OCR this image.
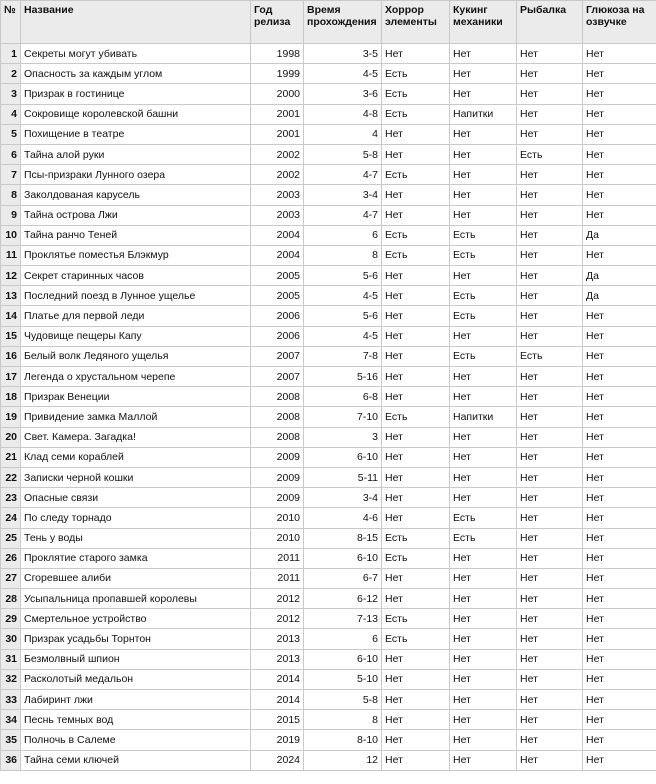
№	Название	Год релиза	Время прохождения	Хоррор элементы	Кукинг механики	Рыбалка	Глюкоза на озвучке
1	Секреты могут убивать	1998	3-5	Нет	Нет	Нет	Нет
2	Опасность за каждым углом	1999	4-5	Есть	Нет	Нет	Нет
3	Призрак в гостинице	2000	3-6	Есть	Нет	Нет	Нет
4	Сокровище королевской башни	2001	4-8	Есть	Напитки	Нет	Нет
5	Похищение в театре	2001	4	Нет	Нет	Нет	Нет
6	Тайна алой руки	2002	5-8	Нет	Нет	Есть	Нет
7	Псы-призраки Лунного озера	2002	4-7	Есть	Нет	Нет	Нет
8	Заколдованая карусель	2003	3-4	Нет	Нет	Нет	Нет
9	Тайна острова Лжи	2003	4-7	Нет	Нет	Нет	Нет
10	Тайна ранчо Теней	2004	6	Есть	Есть	Нет	Да
11	Проклятье поместья Блэкмур	2004	8	Есть	Есть	Нет	Нет
12	Секрет старинных часов	2005	5-6	Нет	Нет	Нет	Да
13	Последний поезд в Лунное ущелье	2005	4-5	Нет	Есть	Нет	Да
14	Платье для первой леди	2006	5-6	Нет	Есть	Нет	Нет
15	Чудовище пещеры Капу	2006	4-5	Нет	Нет	Нет	Нет
16	Белый волк Ледяного ущелья	2007	7-8	Нет	Есть	Есть	Нет
17	Легенда о хрустальном черепе	2007	5-16	Нет	Нет	Нет	Нет
18	Призрак Венеции	2008	6-8	Нет	Нет	Нет	Нет
19	Привидение замка Маллой	2008	7-10	Есть	Напитки	Нет	Нет
20	Свет. Камера. Загадка!	2008	3	Нет	Нет	Нет	Нет
21	Клад семи кораблей	2009	6-10	Нет	Нет	Нет	Нет
22	Записки черной кошки	2009	5-11	Нет	Нет	Нет	Нет
23	Опасные связи	2009	3-4	Нет	Нет	Нет	Нет
24	По следу торнадо	2010	4-6	Нет	Есть	Нет	Нет
25	Тень у воды	2010	8-15	Есть	Есть	Нет	Нет
26	Проклятие старого замка	2011	6-10	Есть	Нет	Нет	Нет
27	Сгоревшее алиби	2011	6-7	Нет	Нет	Нет	Нет
28	Усыпальница пропавшей королевы	2012	6-12	Нет	Нет	Нет	Нет
29	Смертельное устройство	2012	7-13	Есть	Нет	Нет	Нет
30	Призрак усадьбы Торнтон	2013	6	Есть	Нет	Нет	Нет
31	Безмолвный шпион	2013	6-10	Нет	Нет	Нет	Нет
32	Расколотый медальон	2014	5-10	Нет	Нет	Нет	Нет
33	Лабиринт лжи	2014	5-8	Нет	Нет	Нет	Нет
34	Песнь темных вод	2015	8	Нет	Нет	Нет	Нет
35	Полночь в Салеме	2019	8-10	Нет	Нет	Нет	Нет
36	Тайна семи ключей	2024	12	Нет	Нет	Нет	Нет
